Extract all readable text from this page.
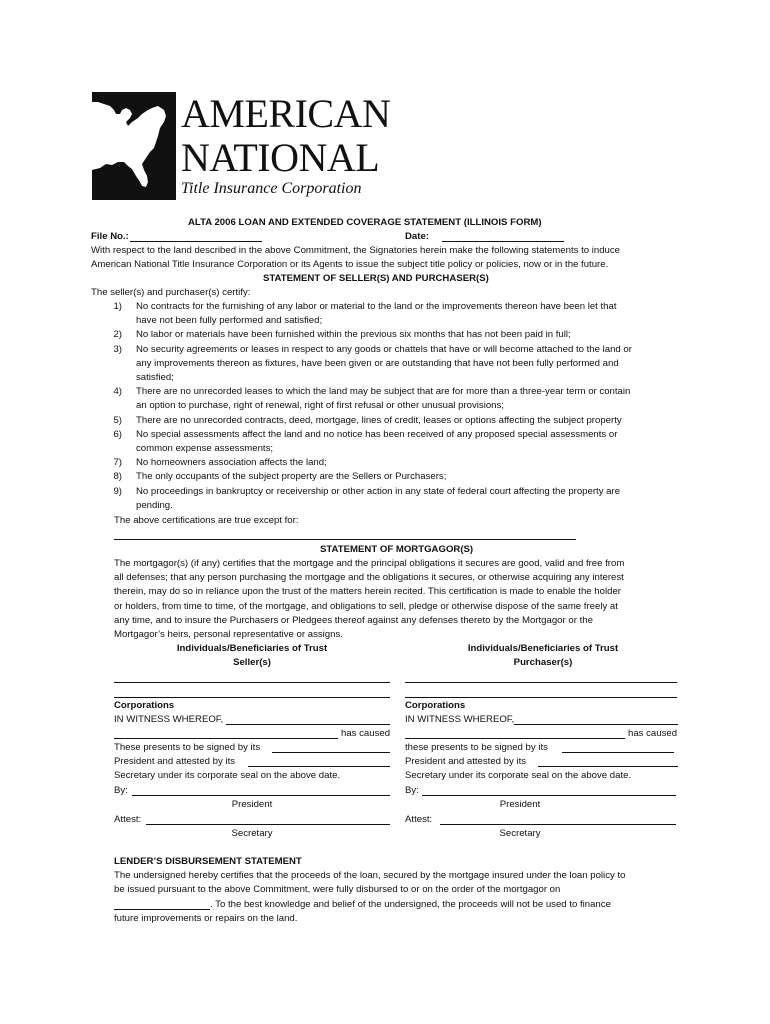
AMERICAN
NATIONAL
Title Insurance Corporation
ALTA 2006 LOAN AND EXTENDED COVERAGE STATEMENT (ILLINOIS FORM)
File No.:	Date:
With respect to the land described in the above Commitment, the Signatories herein make the following statements to induce
American National Title Insurance Corporation or its Agents to issue the subject title policy or policies, now or in the future.
STATEMENT OF SELLER(S) AND PURCHASER(S)
The seller(s) and purchaser(s) certify:
1) No contracts for the furnishing of any labor or material to the land or the improvements thereon have been let that
have not been fully performed and satisfied;
2) No labor or materials have been furnished within the previous six months that has not been paid in full;
3) No security agreements or leases in respect to any goods or chattels that have or will become attached to the land or
any improvements thereon as fixtures, have been given or are outstanding that have not been fully performed and
satisfied;
4) There are no unrecorded leases to which the land may be subject that are for more than a three-year term or contain
an option to purchase, right of renewal, right of first refusal or other unusual provisions;
5) There are no unrecorded contracts, deed, mortgage, lines of credit, leases or options affecting the subject property
6) No special assessments affect the land and no notice has been received of any proposed special assessments or
common expense assessments;
7) No homeowners association affects the land;
8) The only occupants of the subject property are the Sellers or Purchasers;
9) No proceedings in bankruptcy or receivership or other action in any state of federal court affecting the property are
pending.
The above certifications are true except for:
STATEMENT OF MORTGAGOR(S)
The mortgagor(s) (if any) certifies that the mortgage and the principal obligations it secures are good, valid and free from
all defenses; that any person purchasing the mortgage and the obligations it secures, or otherwise acquiring any interest
therein, may do so in reliance upon the trust of the matters herein recited. This certification is made to enable the holder
or holders, from time to time, of the mortgage, and obligations to sell, pledge or otherwise dispose of the same freely at
any time, and to insure the Purchasers or Pledgees thereof against any defenses thereto by the Mortgagor or the
Mortgagor’s heirs, personal representative or assigns.
Individuals/Beneficiaries of Trust
Seller(s)
Corporations
IN WITNESS WHEREOF,
has caused
These presents to be signed by its
President and attested by its
Secretary under its corporate seal on the above date.
By:
President
Attest:
Secretary
Individuals/Beneficiaries of Trust
Purchaser(s)
Corporations
IN WITNESS WHEREOF,
has caused
these presents to be signed by its
President and attested by its
Secretary under its corporate seal on the above date.
By:
President
Attest:
Secretary
LENDER’S DISBURSEMENT STATEMENT
The undersigned hereby certifies that the proceeds of the loan, secured by the mortgage insured under the loan policy to
be issued pursuant to the above Commitment, were fully disbursed to or on the order of the mortgagor on
. To the best knowledge and belief of the undersigned, the proceeds will not be used to finance
future improvements or repairs on the land.
